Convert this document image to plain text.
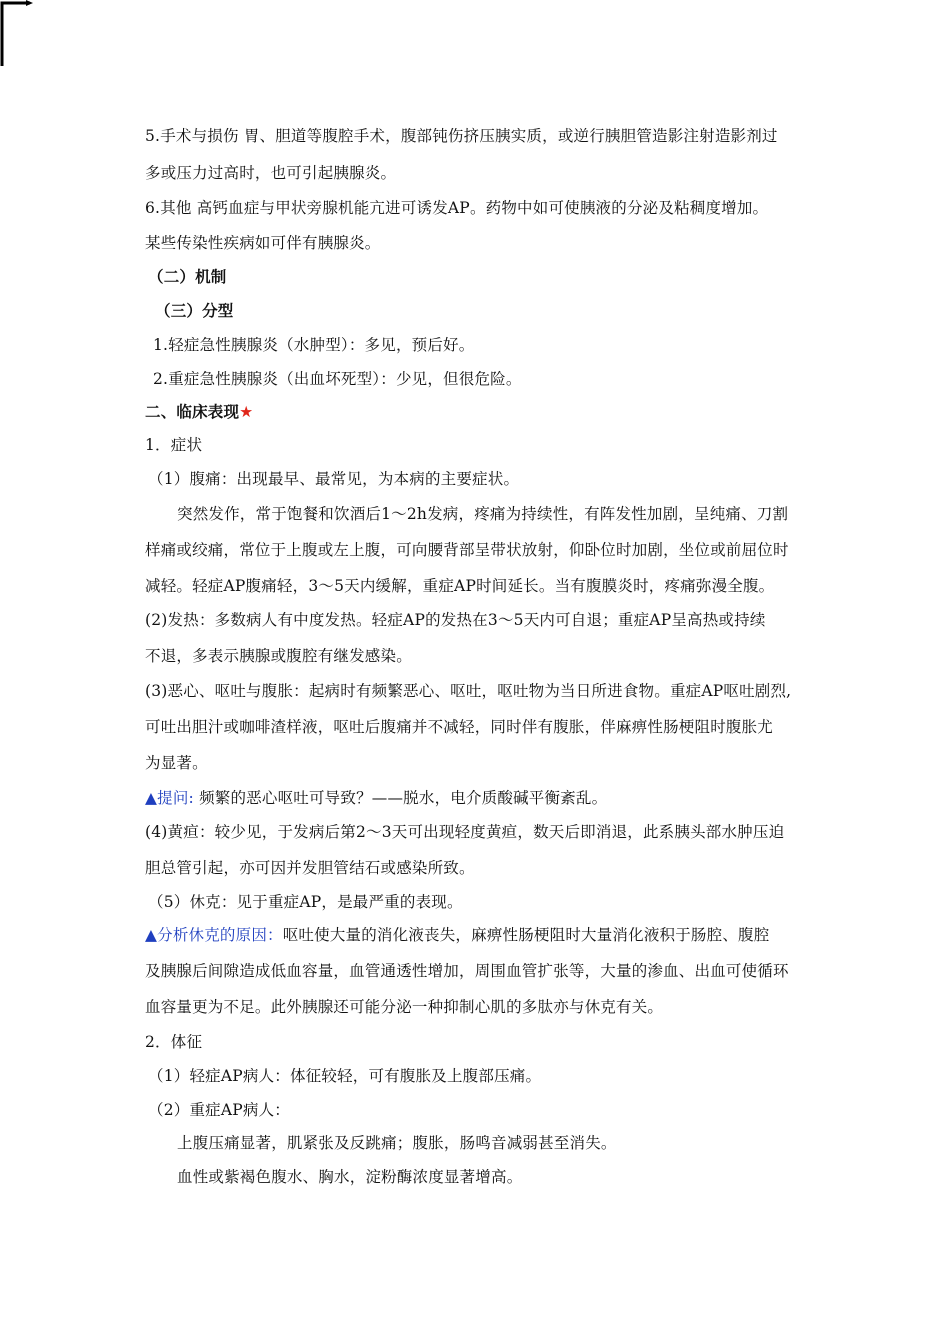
5.手术与损伤 胃、胆道等腹腔手术，腹部钝伤挤压胰实质，或逆行胰胆管造影注射造影剂过
多或压力过高时，也可引起胰腺炎。
6.其他 高钙血症与甲状旁腺机能亢进可诱发AP。药物中如可使胰液的分泌及粘稠度增加。
某些传染性疾病如可伴有胰腺炎。
（二）机制
（三）分型
1.轻症急性胰腺炎（水肿型）：多见，预后好。
2.重症急性胰腺炎（出血坏死型）：少见，但很危险。
二、临床表现★
1．症状
（1）腹痛：出现最早、最常见，为本病的主要症状。
突然发作，常于饱餐和饮酒后1～2h发病，疼痛为持续性，有阵发性加剧，呈纯痛、刀割
样痛或绞痛，常位于上腹或左上腹，可向腰背部呈带状放射，仰卧位时加剧，坐位或前屈位时
减轻。轻症AP腹痛轻，3～5天内缓解，重症AP时间延长。当有腹膜炎时，疼痛弥漫全腹。
(2)发热：多数病人有中度发热。轻症AP的发热在3～5天内可自退；重症AP呈高热或持续
不退，多表示胰腺或腹腔有继发感染。
(3)恶心、呕吐与腹胀：起病时有频繁恶心、呕吐，呕吐物为当日所进食物。重症AP呕吐剧烈,
可吐出胆汁或咖啡渣样液，呕吐后腹痛并不减轻，同时伴有腹胀，伴麻痹性肠梗阻时腹胀尤
为显著。
▲提问: 频繁的恶心呕吐可导致？——脱水，电介质酸碱平衡紊乱。
(4)黄疸：较少见，于发病后第2～3天可出现轻度黄疸，数天后即消退，此系胰头部水肿压迫
胆总管引起，亦可因并发胆管结石或感染所致。
（5）休克：见于重症AP，是最严重的表现。
▲分析休克的原因：呕吐使大量的消化液丧失，麻痹性肠梗阻时大量消化液积于肠腔、腹腔
及胰腺后间隙造成低血容量，血管通透性增加，周围血管扩张等，大量的渗血、出血可使循环
血容量更为不足。此外胰腺还可能分泌一种抑制心肌的多肽亦与休克有关。
2．体征
（1）轻症AP病人：体征较轻，可有腹胀及上腹部压痛。
（2）重症AP病人：
上腹压痛显著，肌紧张及反跳痛；腹胀，肠鸣音减弱甚至消失。
血性或紫褐色腹水、胸水，淀粉酶浓度显著增高。
